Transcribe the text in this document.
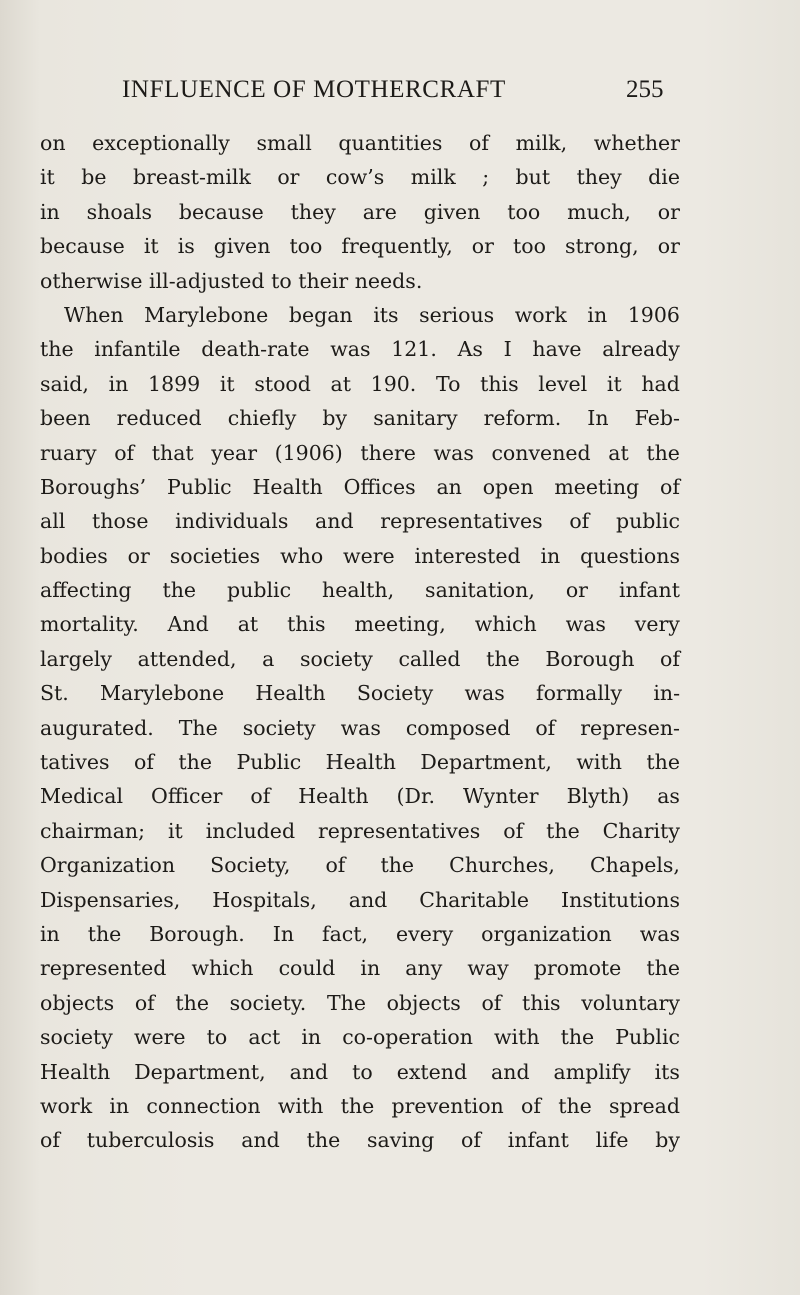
INFLUENCE OF MOTHERCRAFT	255
on exceptionally small quantities of milk, whether
it be breast-milk or cow’s milk ; but they die
in shoals because they are given too much, or
because it is given too frequently, or too strong, or
otherwise ill-adjusted to their needs.
When Marylebone began its serious work in 1906
the infantile death-rate was 121. As I have already
said, in 1899 it stood at 190. To this level it had
been reduced chiefly by sanitary reform. In Feb-
ruary of that year (1906) there was convened at the
Boroughs’ Public Health Offices an open meeting of
all those individuals and representatives of public
bodies or societies who were interested in questions
affecting the public health, sanitation, or infant
mortality. And at this meeting, which was very
largely attended, a society called the Borough of
St. Marylebone Health Society was formally in-
augurated. The society was composed of represen-
tatives of the Public Health Department, with the
Medical Officer of Health (Dr. Wynter Blyth) as
chairman; it included representatives of the Charity
Organization Society, of the Churches, Chapels,
Dispensaries, Hospitals, and Charitable Institutions
in the Borough. In fact, every organization was
represented which could in any way promote the
objects of the society. The objects of this voluntary
society were to act in co-operation with the Public
Health Department, and to extend and amplify its
work in connection with the prevention of the spread
of tuberculosis and the saving of infant life by
